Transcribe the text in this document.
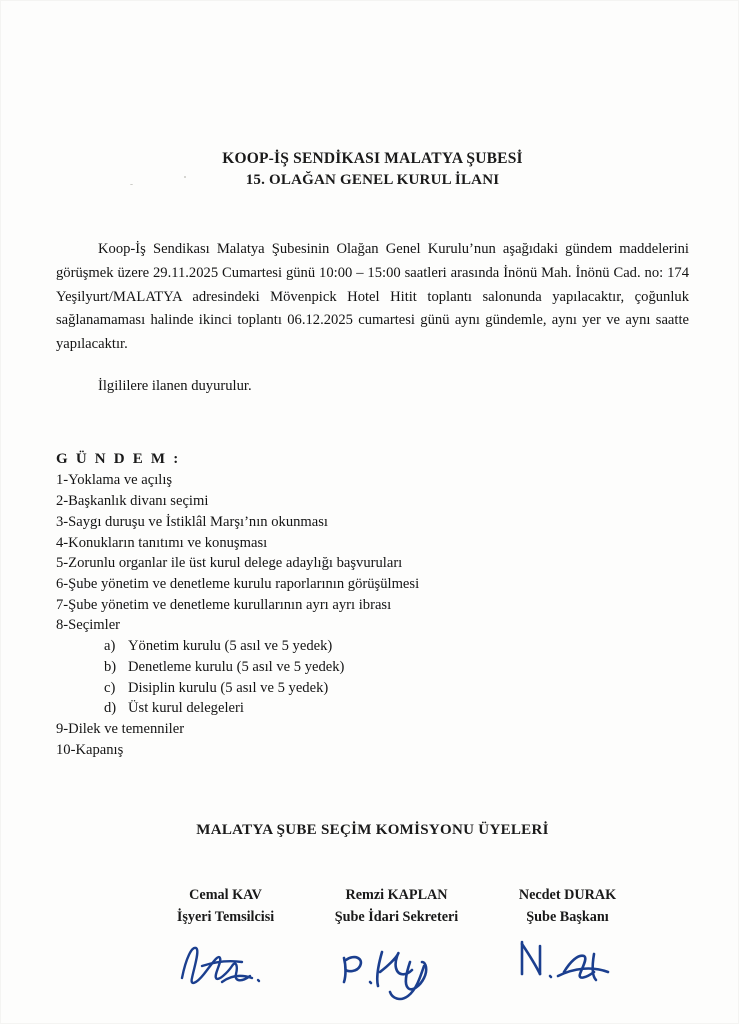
KOOP-İŞ SENDİKASI MALATYA ŞUBESİ
15. OLAĞAN GENEL KURUL İLANI

Koop-İş Sendikası Malatya Şubesinin Olağan Genel Kurulu’nun aşağıdaki gündem maddelerini görüşmek üzere 29.11.2025 Cumartesi günü 10:00 – 15:00 saatleri arasında İnönü Mah. İnönü Cad. no: 174 Yeşilyurt/MALATYA adresindeki Mövenpick Hotel Hitit toplantı salonunda yapılacaktır, çoğunluk sağlanamaması halinde ikinci toplantı 06.12.2025 cumartesi günü aynı gündemle, aynı yer ve aynı saatte yapılacaktır.

İlgililere ilanen duyurulur.

G Ü N D E M :
1-Yoklama ve açılış
2-Başkanlık divanı seçimi
3-Saygı duruşu ve İstiklâl Marşı’nın okunması
4-Konukların tanıtımı ve konuşması
5-Zorunlu organlar ile üst kurul delege adaylığı başvuruları
6-Şube yönetim ve denetleme kurulu raporlarının görüşülmesi
7-Şube yönetim ve denetleme kurullarının ayrı ayrı ibrası
8-Seçimler
a) Yönetim kurulu (5 asıl ve 5 yedek)
b) Denetleme kurulu (5 asıl ve 5 yedek)
c) Disiplin kurulu (5 asıl ve 5 yedek)
d) Üst kurul delegeleri
9-Dilek ve temenniler
10-Kapanış
MALATYA ŞUBE SEÇİM KOMİSYONU ÜYELERİ
Cemal KAV
İşyeri Temsilcisi
Remzi KAPLAN
Şube İdari Sekreteri
Necdet DURAK
Şube Başkanı
